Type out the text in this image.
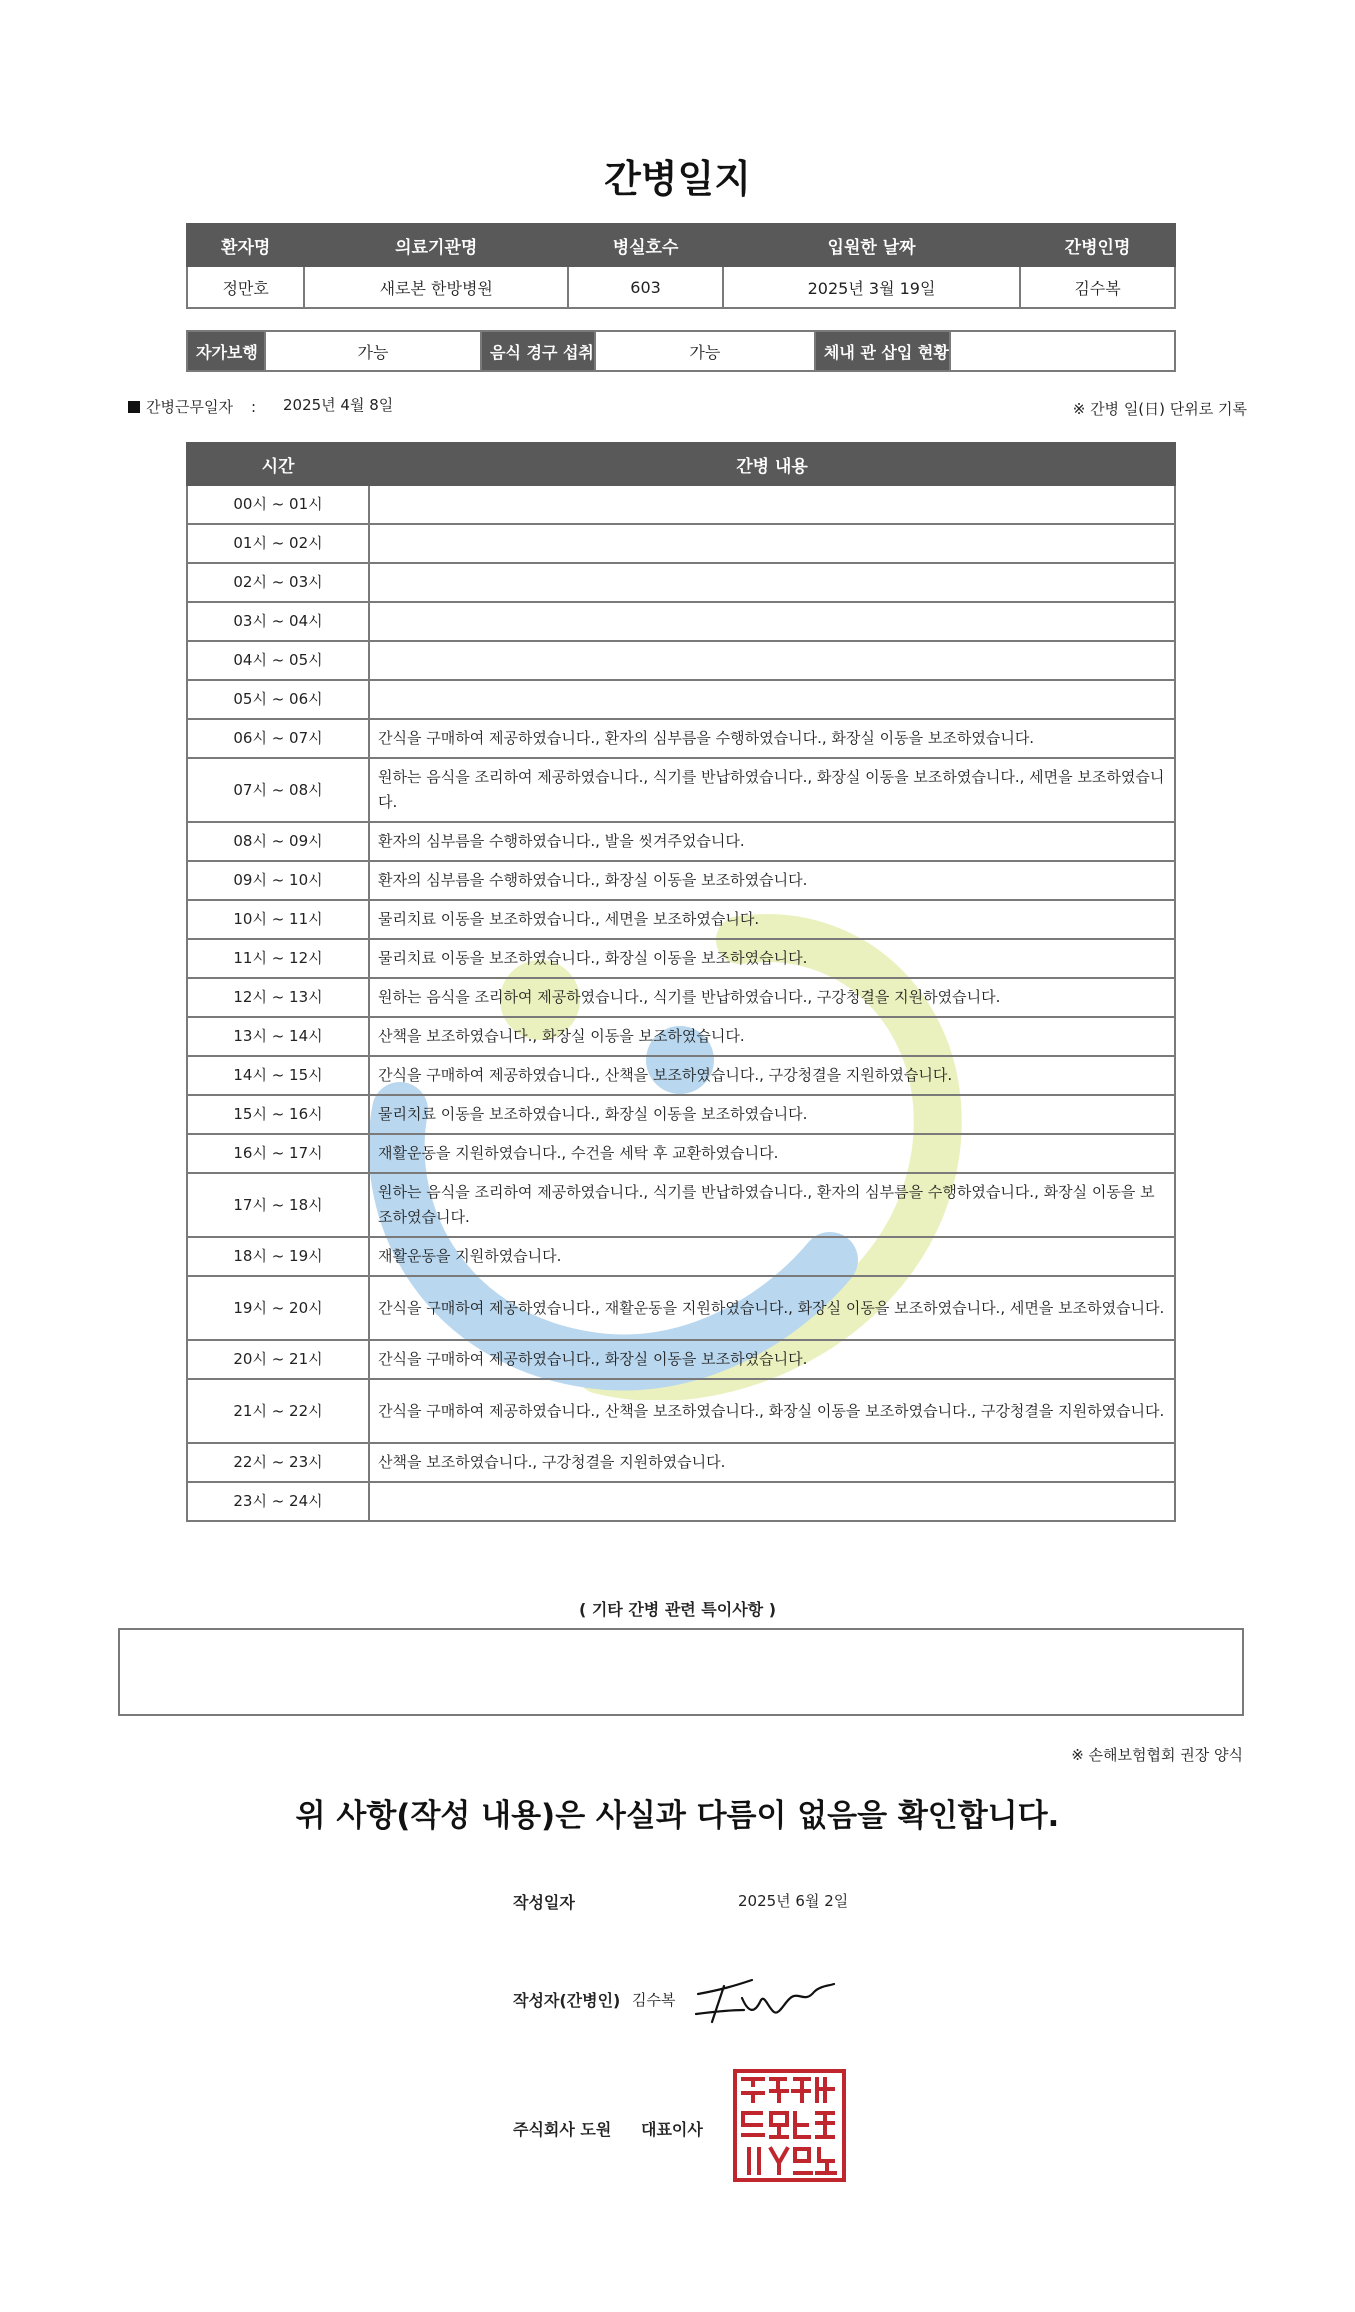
간병일지
환자명	의료기관명	병실호수	입원한 날짜	간병인명
정만호	새로본 한방병원	603	2025년 3월 19일	김수복
자가보행	가능	음식 경구 섭취	가능	체내 관 삽입 현황	
간병근무일자 : 2025년 4월 8일	※ 간병 일(日) 단위로 기록
시간	간병 내용
00시 ~ 01시	
01시 ~ 02시	
02시 ~ 03시	
03시 ~ 04시	
04시 ~ 05시	
05시 ~ 06시	
06시 ~ 07시	간식을 구매하여 제공하였습니다., 환자의 심부름을 수행하였습니다., 화장실 이동을 보조하였습니다.
07시 ~ 08시	원하는 음식을 조리하여 제공하였습니다., 식기를 반납하였습니다., 화장실 이동을 보조하였습니다., 세면을 보조하였습니다.
08시 ~ 09시	환자의 심부름을 수행하였습니다., 발을 씻겨주었습니다.
09시 ~ 10시	환자의 심부름을 수행하였습니다., 화장실 이동을 보조하였습니다.
10시 ~ 11시	물리치료 이동을 보조하였습니다., 세면을 보조하였습니다.
11시 ~ 12시	물리치료 이동을 보조하였습니다., 화장실 이동을 보조하였습니다.
12시 ~ 13시	원하는 음식을 조리하여 제공하였습니다., 식기를 반납하였습니다., 구강청결을 지원하였습니다.
13시 ~ 14시	산책을 보조하였습니다., 화장실 이동을 보조하였습니다.
14시 ~ 15시	간식을 구매하여 제공하였습니다., 산책을 보조하였습니다., 구강청결을 지원하였습니다.
15시 ~ 16시	물리치료 이동을 보조하였습니다., 화장실 이동을 보조하였습니다.
16시 ~ 17시	재활운동을 지원하였습니다., 수건을 세탁 후 교환하였습니다.
17시 ~ 18시	원하는 음식을 조리하여 제공하였습니다., 식기를 반납하였습니다., 환자의 심부름을 수행하였습니다., 화장실 이동을 보조하였습니다.
18시 ~ 19시	재활운동을 지원하였습니다.
19시 ~ 20시	간식을 구매하여 제공하였습니다., 재활운동을 지원하였습니다., 화장실 이동을 보조하였습니다., 세면을 보조하였습니다.
20시 ~ 21시	간식을 구매하여 제공하였습니다., 화장실 이동을 보조하였습니다.
21시 ~ 22시	간식을 구매하여 제공하였습니다., 산책을 보조하였습니다., 화장실 이동을 보조하였습니다., 구강청결을 지원하였습니다.
22시 ~ 23시	산책을 보조하였습니다., 구강청결을 지원하였습니다.
23시 ~ 24시	
( 기타 간병 관련 특이사항 )
※ 손해보험협회 권장 양식
위 사항(작성 내용)은 사실과 다름이 없음을 확인합니다.
작성일자	2025년 6월 2일
작성자(간병인) 김수복
주식회사 도원 대표이사
